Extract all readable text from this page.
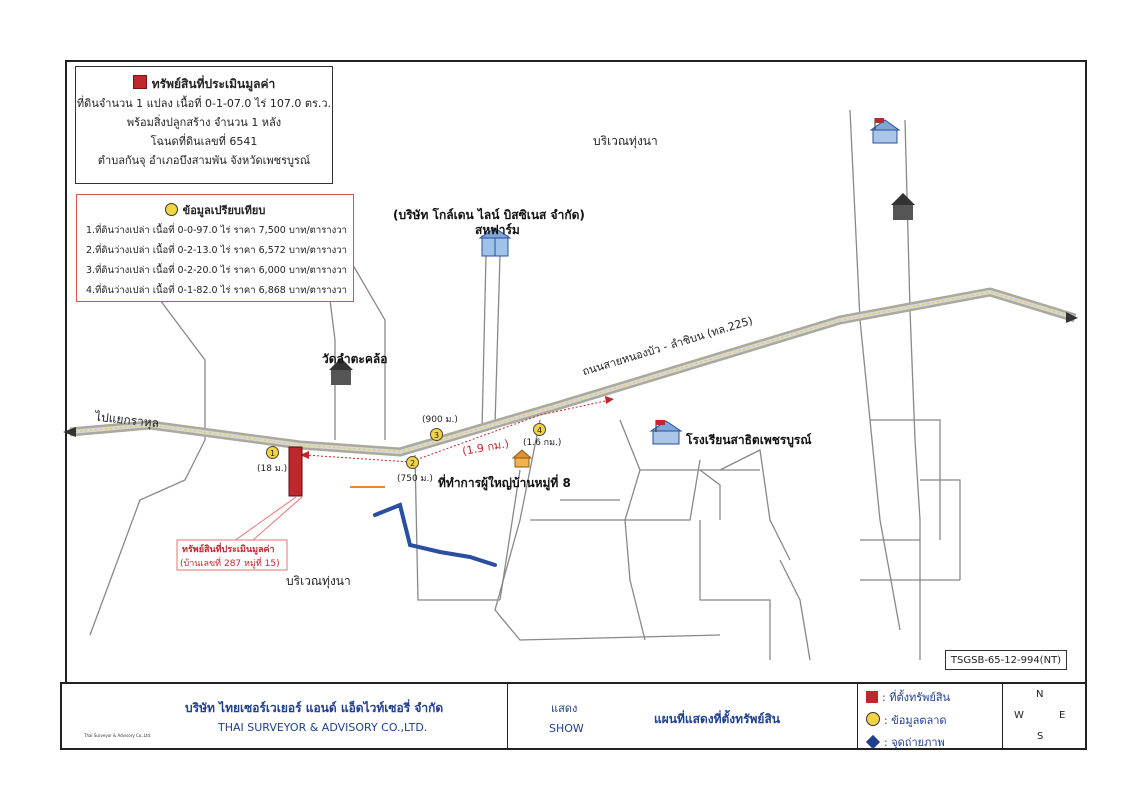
ทรัพย์สินที่ประเมินมูลค่า
ที่ดินจำนวน 1 แปลง เนื้อที่ 0-1-07.0 ไร่ 107.0 ตร.ว.
พร้อมสิ่งปลูกสร้าง จำนวน 1 หลัง
โฉนดที่ดินเลขที่ 6541
ตำบลกันจุ อำเภอบึงสามพัน จังหวัดเพชรบูรณ์
ข้อมูลเปรียบเทียบ
1.ที่ดินว่างเปล่า เนื้อที่ 0-0-97.0 ไร่ ราคา 7,500 บาท/ตารางวา
2.ที่ดินว่างเปล่า เนื้อที่ 0-2-13.0 ไร่ ราคา 6,572 บาท/ตารางวา
3.ที่ดินว่างเปล่า เนื้อที่ 0-2-20.0 ไร่ ราคา 6,000 บาท/ตารางวา
4.ที่ดินว่างเปล่า เนื้อที่ 0-1-82.0 ไร่ ราคา 6,868 บาท/ตารางวา
บริเวณทุ่งนา
บริเวณทุ่งนา
(บริษัท โกล์เดน ไลน์ บิสซิเนส จำกัด)
สหฟาร์ม
วัดลำตะคล้อ
ไปแยกราหุล
ถนนสายหนองบัว - ลำชิบน (ทล.225)
โรงเรียนสาธิตเพชรบูรณ์
ที่ทำการผู้ใหญ่บ้านหมู่ที่ 8
(1.9 กม.)
ทรัพย์สินที่ประเมินมูลค่า
(บ้านเลขที่ 287 หมู่ที่ 15)
1
(18 ม.)
2
(750 ม.)
3
(900 ม.)
4
(1.6 กม.)
TSGSB-65-12-994(NT)
Thai Surveyor & Advisory Co.,Ltd.
บริษัท ไทยเซอร์เวเยอร์ แอนด์ แอ็ดไวท์เซอรี่ จำกัด
THAI SURVEYOR & ADVISORY CO.,LTD.
แสดง
SHOW
แผนที่แสดงที่ตั้งทรัพย์สิน
: ที่ตั้งทรัพย์สิน
: ข้อมูลตลาด
: จุดถ่ายภาพ
N
S
W	E
